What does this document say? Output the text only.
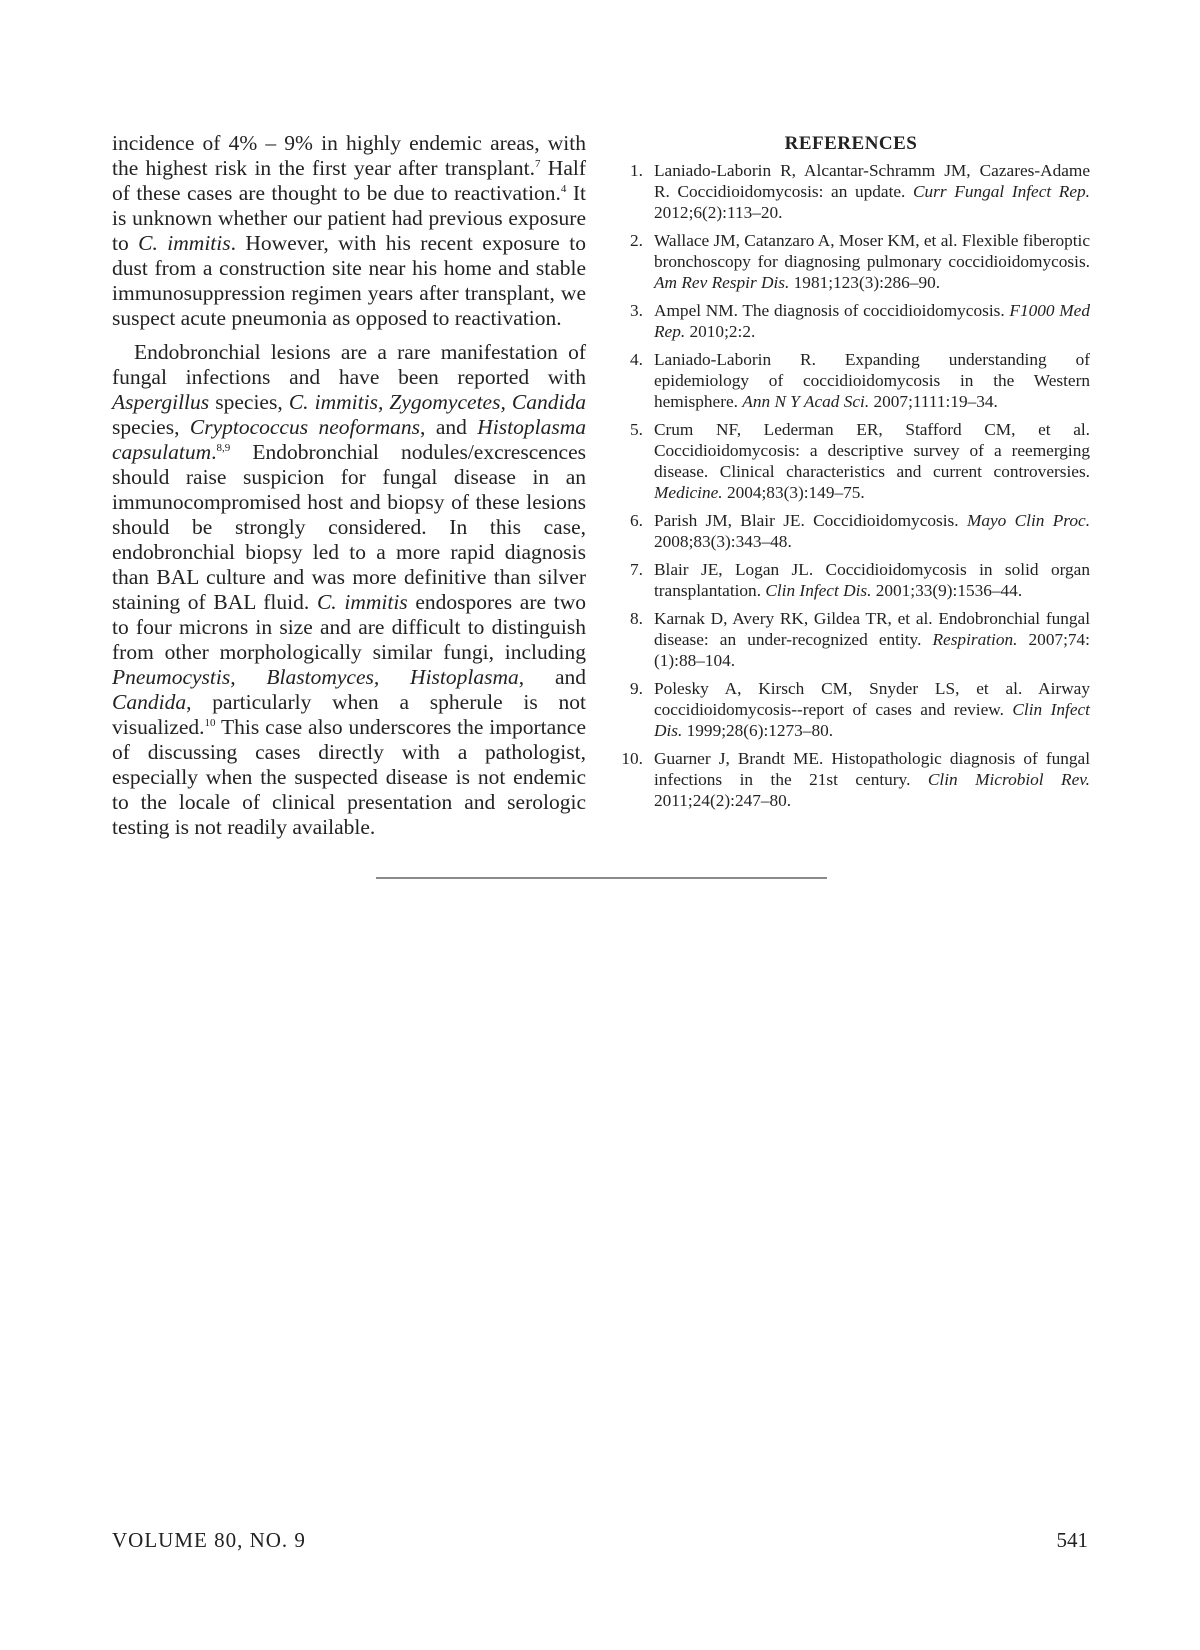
incidence of 4% – 9% in highly endemic areas, with the highest risk in the first year after transplant.$^7$ Half of these cases are thought to be due to reactivation.$^4$ It is unknown whether our patient had previous exposure to C. immitis. However, with his recent exposure to dust from a construction site near his home and stable immunosuppression regimen years after transplant, we suspect acute pneumonia as opposed to reactivation.

Endobronchial lesions are a rare manifestation of fungal infections and have been reported with Aspergillus species, C. immitis, Zygomycetes, Candida species, Cryptococcus neoformans, and Histoplasma capsulatum.$^{8,9}$ Endobronchial nodules/excrescences should raise suspicion for fungal disease in an immunocompromised host and biopsy of these lesions should be strongly considered. In this case, endobronchial biopsy led to a more rapid diagnosis than BAL culture and was more definitive than silver staining of BAL fluid. C. immitis endospores are two to four microns in size and are difficult to distinguish from other morphologically similar fungi, including Pneumocystis, Blastomyces, Histoplasma, and Candida, particularly when a spherule is not visualized.$^{10}$ This case also underscores the importance of discussing cases directly with a pathologist, especially when the suspected disease is not endemic to the locale of clinical presentation and serologic testing is not readily available.

REFERENCES
1. Laniado-Laborin R, Alcantar-Schramm JM, Cazares-Adame R. Coccidioidomycosis: an update. Curr Fungal Infect Rep. 2012;6(2):113–20.
2. Wallace JM, Catanzaro A, Moser KM, et al. Flexible fiberoptic bronchoscopy for diagnosing pulmonary coccidioidomycosis. Am Rev Respir Dis. 1981;123(3):286–90.
3. Ampel NM. The diagnosis of coccidioidomycosis. F1000 Med Rep. 2010;2:2.
4. Laniado-Laborin R. Expanding understanding of epidemiology of coccidioidomycosis in the Western hemisphere. Ann N Y Acad Sci. 2007;1111:19–34.
5. Crum NF, Lederman ER, Stafford CM, et al. Coccidioidomycosis: a descriptive survey of a reemerging disease. Clinical characteristics and current controversies. Medicine. 2004;83(3):149–75.
6. Parish JM, Blair JE. Coccidioidomycosis. Mayo Clin Proc. 2008;83(3):343–48.
7. Blair JE, Logan JL. Coccidioidomycosis in solid organ transplantation. Clin Infect Dis. 2001;33(9):1536–44.
8. Karnak D, Avery RK, Gildea TR, et al. Endobronchial fungal disease: an under-recognized entity. Respiration. 2007;74:(1):88–104.
9. Polesky A, Kirsch CM, Snyder LS, et al. Airway coccidioidomycosis--report of cases and review. Clin Infect Dis. 1999;28(6):1273–80.
10. Guarner J, Brandt ME. Histopathologic diagnosis of fungal infections in the 21st century. Clin Microbiol Rev. 2011;24(2):247–80.
VOLUME 80, NO. 9	541
